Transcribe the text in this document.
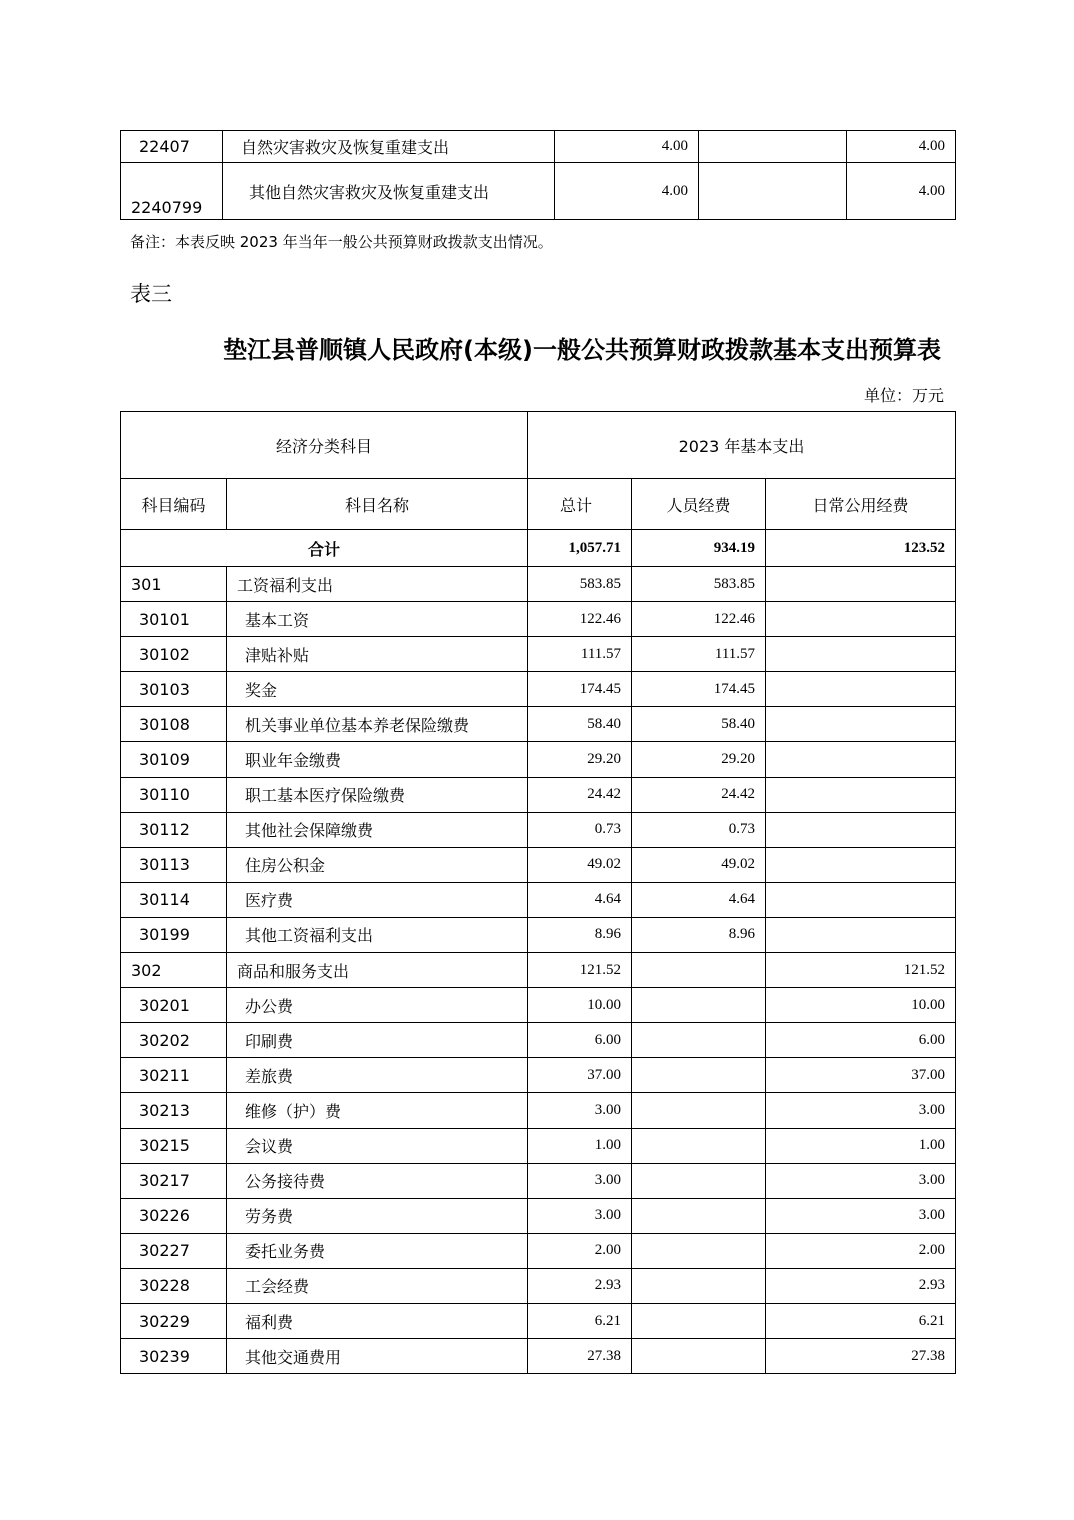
22407	自然灾害救灾及恢复重建支出	4.00		4.00
2240799	其他自然灾害救灾及恢复重建支出	4.00		4.00
备注：本表反映 2023 年当年一般公共预算财政拨款支出情况。
表三
垫江县普顺镇人民政府(本级)一般公共预算财政拨款基本支出预算表
单位：万元
经济分类科目		2023 年基本支出		
科目编码	科目名称	总计	人员经费	日常公用经费
合计		1,057.71	934.19	123.52
301	工资福利支出	583.85	583.85	
30101	基本工资	122.46	122.46	
30102	津贴补贴	111.57	111.57	
30103	奖金	174.45	174.45	
30108	机关事业单位基本养老保险缴费	58.40	58.40	
30109	职业年金缴费	29.20	29.20	
30110	职工基本医疗保险缴费	24.42	24.42	
30112	其他社会保障缴费	0.73	0.73	
30113	住房公积金	49.02	49.02	
30114	医疗费	4.64	4.64	
30199	其他工资福利支出	8.96	8.96	
302	商品和服务支出	121.52		121.52
30201	办公费	10.00		10.00
30202	印刷费	6.00		6.00
30211	差旅费	37.00		37.00
30213	维修（护）费	3.00		3.00
30215	会议费	1.00		1.00
30217	公务接待费	3.00		3.00
30226	劳务费	3.00		3.00
30227	委托业务费	2.00		2.00
30228	工会经费	2.93		2.93
30229	福利费	6.21		6.21
30239	其他交通费用	27.38		27.38
